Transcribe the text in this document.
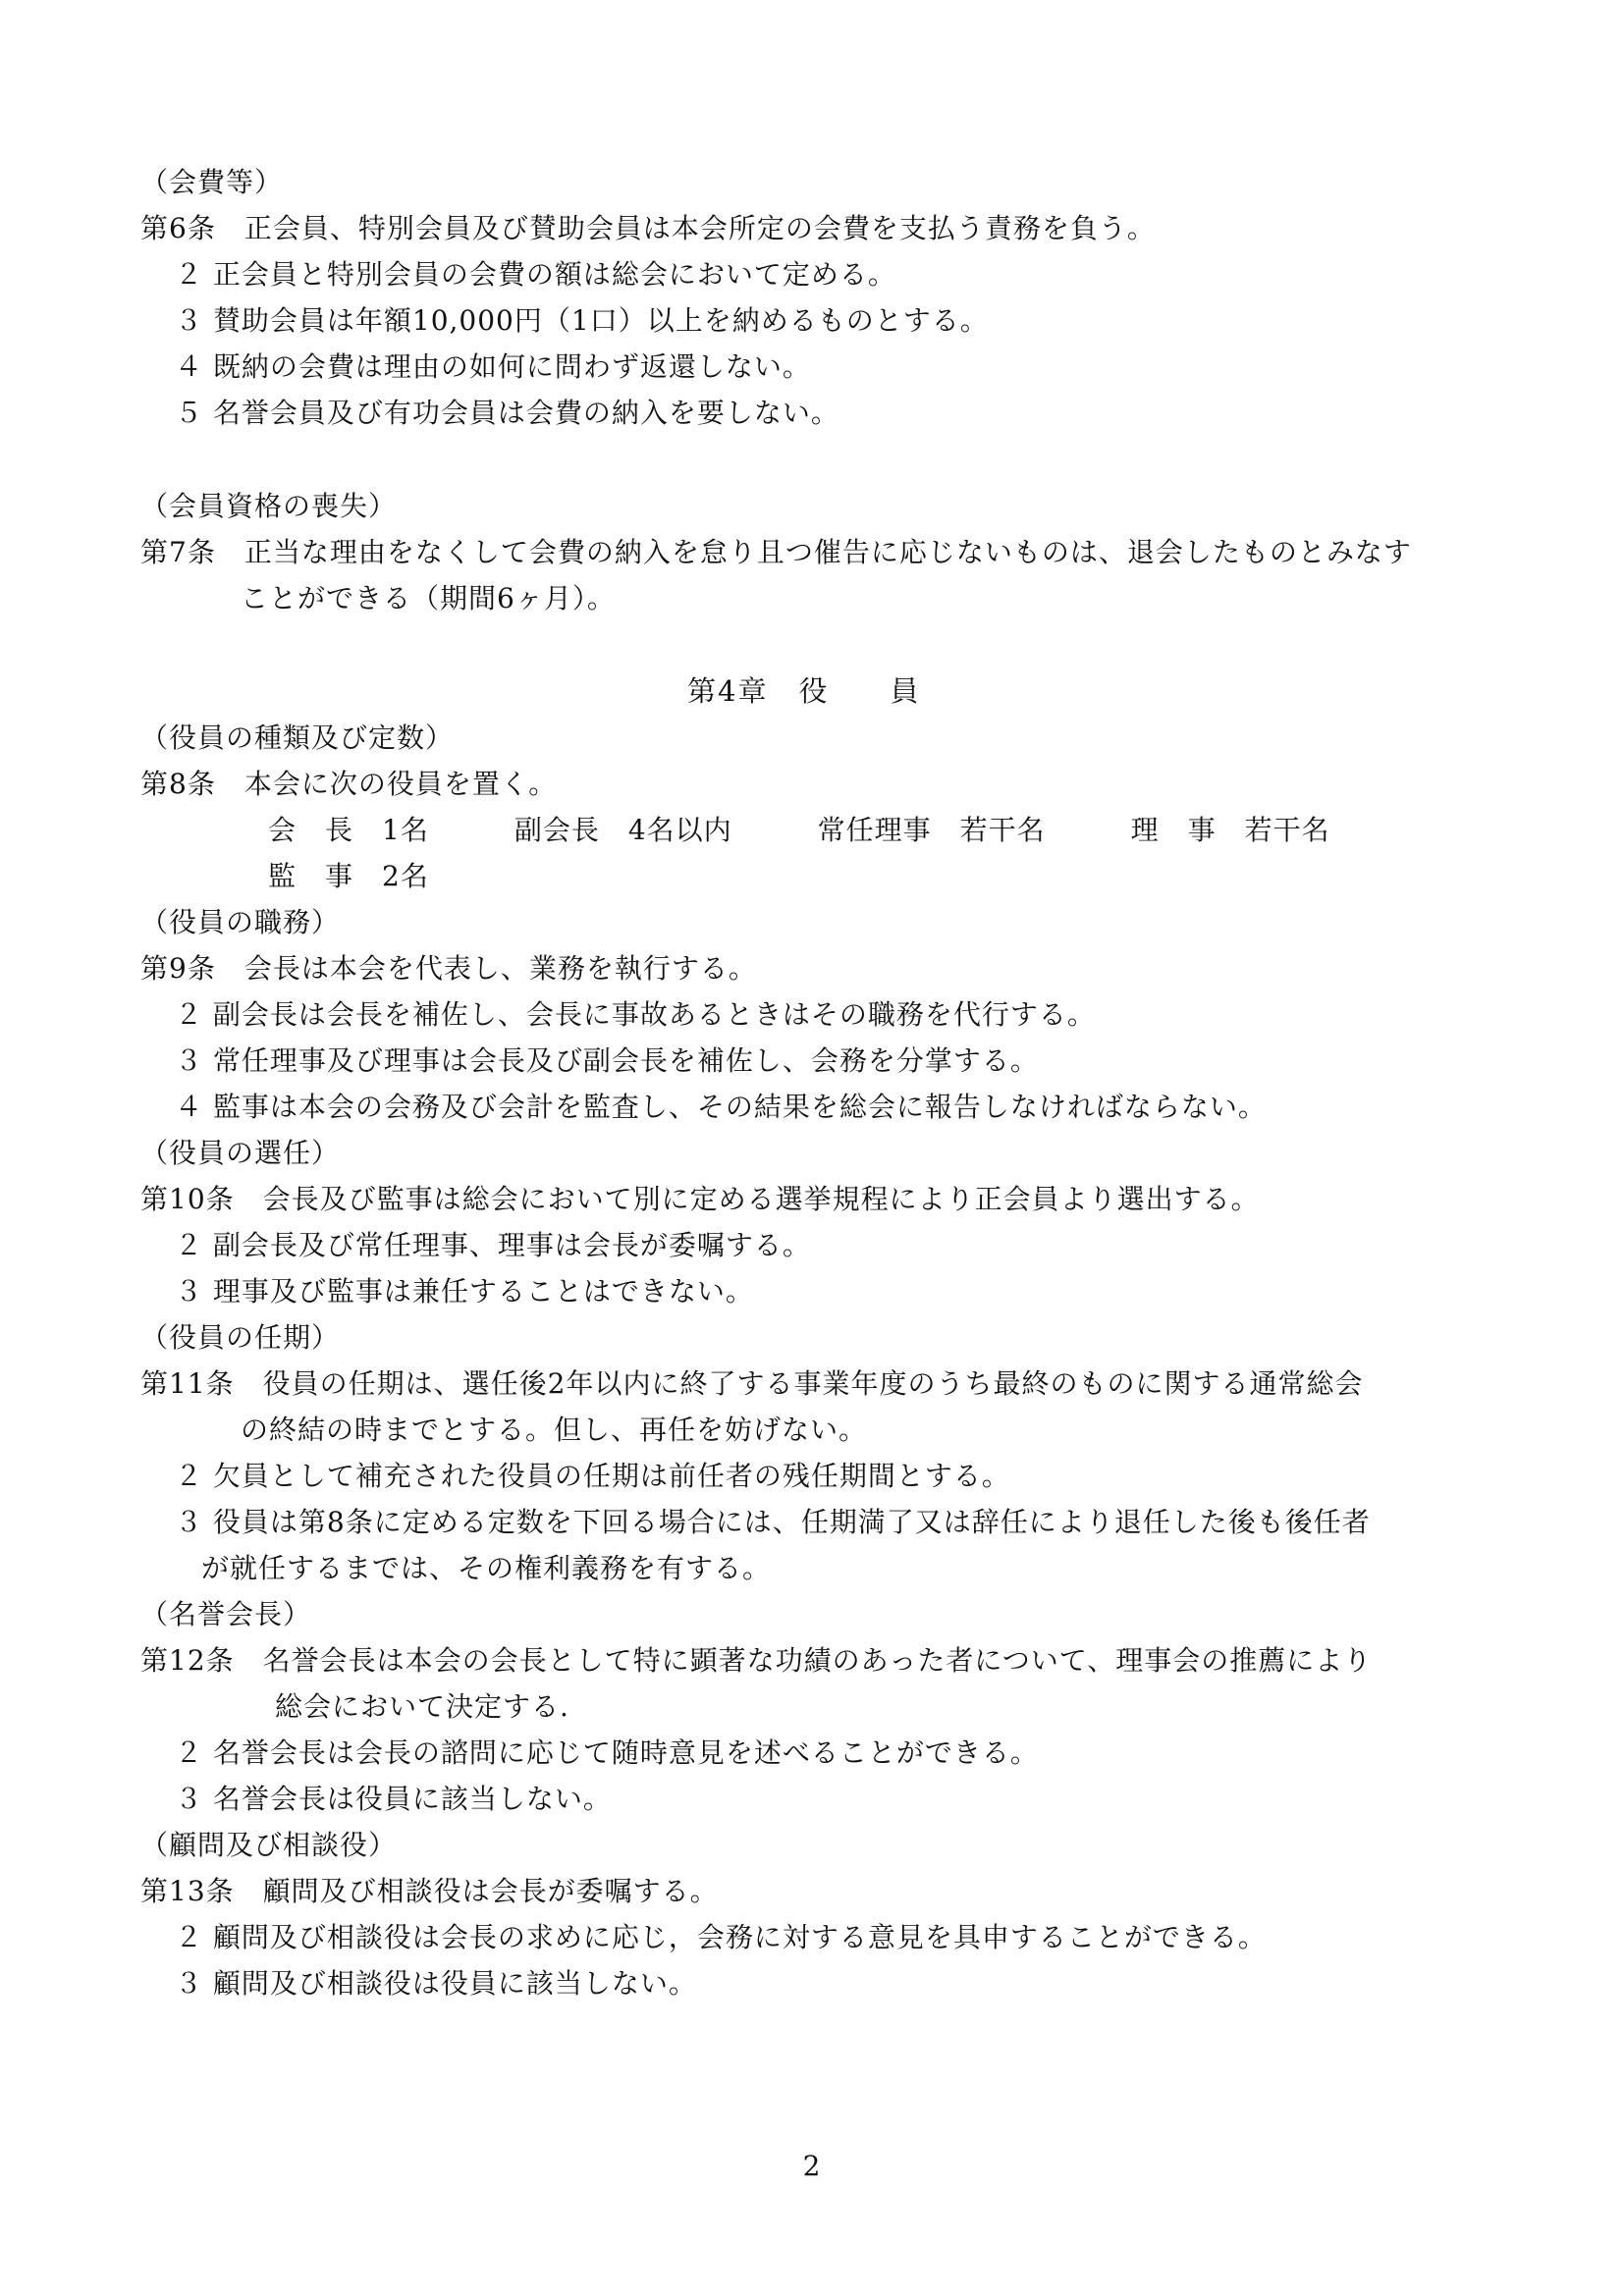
（会費等）
第6条　正会員、特別会員及び賛助会員は本会所定の会費を支払う責務を負う。
２ 正会員と特別会員の会費の額は総会において定める。
３ 賛助会員は年額10,000円（1口）以上を納めるものとする。
４ 既納の会費は理由の如何に問わず返還しない。
５ 名誉会員及び有功会員は会費の納入を要しない。
（会員資格の喪失）
第7条　正当な理由をなくして会費の納入を怠り且つ催告に応じないものは、退会したものとみなす
ことができる（期間6ヶ月）。
第4章　役　　員
（役員の種類及び定数）
第8条　本会に次の役員を置く。
会　長　1名　　　副会長　4名以内　　　常任理事　若干名　　　理　事　若干名
監　事　2名
（役員の職務）
第9条　会長は本会を代表し、業務を執行する。
２ 副会長は会長を補佐し、会長に事故あるときはその職務を代行する。
３ 常任理事及び理事は会長及び副会長を補佐し、会務を分掌する。
４ 監事は本会の会務及び会計を監査し、その結果を総会に報告しなければならない。
（役員の選任）
第10条　会長及び監事は総会において別に定める選挙規程により正会員より選出する。
２ 副会長及び常任理事、理事は会長が委嘱する。
３ 理事及び監事は兼任することはできない。
（役員の任期）
第11条　役員の任期は、選任後2年以内に終了する事業年度のうち最終のものに関する通常総会
の終結の時までとする。但し、再任を妨げない。
２ 欠員として補充された役員の任期は前任者の残任期間とする。
３ 役員は第8条に定める定数を下回る場合には、任期満了又は辞任により退任した後も後任者
が就任するまでは、その権利義務を有する。
（名誉会長）
第12条　名誉会長は本会の会長として特に顕著な功績のあった者について、理事会の推薦により
総会において決定する.
２ 名誉会長は会長の諮問に応じて随時意見を述べることができる。
３ 名誉会長は役員に該当しない。
（顧問及び相談役）
第13条　顧問及び相談役は会長が委嘱する。
２ 顧問及び相談役は会長の求めに応じ，会務に対する意見を具申することができる。
３ 顧問及び相談役は役員に該当しない。
2
